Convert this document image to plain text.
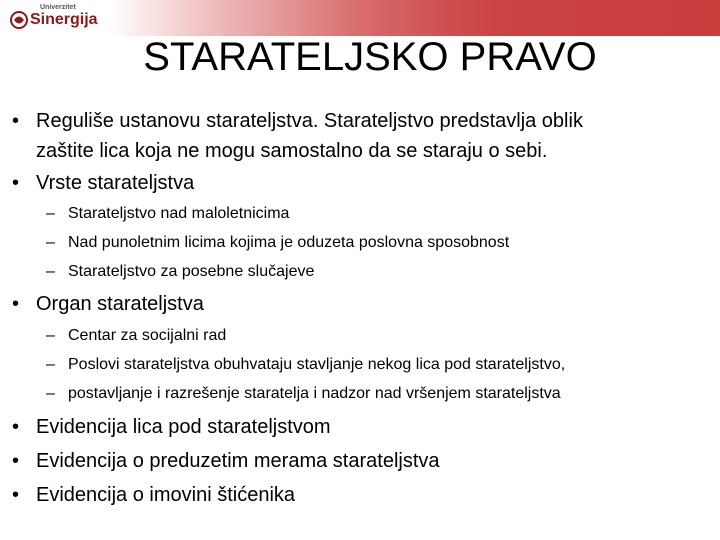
Univerzitet
Sinergija
STARATELJSKO PRAVO
• Reguliše ustanovu starateljstva. Starateljstvo predstavlja oblik
zaštite lica koja ne mogu samostalno da se staraju o sebi.
• Vrste starateljstva
– Starateljstvo nad maloletnicima
– Nad punoletnim licima kojima je oduzeta poslovna sposobnost
– Starateljstvo za posebne slučajeve
• Organ starateljstva
– Centar za socijalni rad
– Poslovi starateljstva obuhvataju stavljanje nekog lica pod starateljstvo,
– postavljanje i razrešenje staratelja i nadzor nad vršenjem starateljstva
• Evidencija lica pod starateljstvom
• Evidencija o preduzetim merama starateljstva
• Evidencija o imovini štićenika
